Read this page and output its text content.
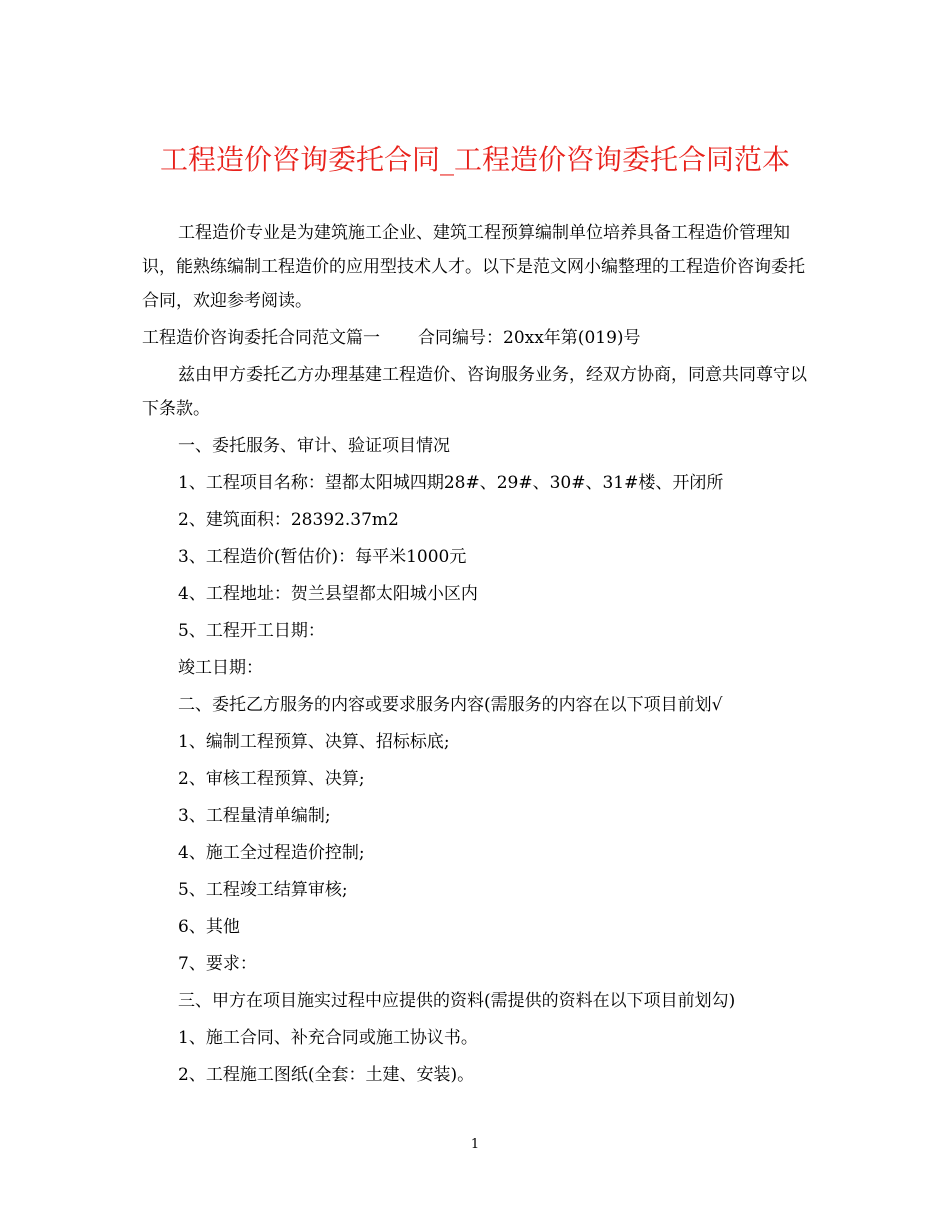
工程造价咨询委托合同_工程造价咨询委托合同范本
工程造价专业是为建筑施工企业、建筑工程预算编制单位培养具备工程造价管理知识，能熟练编制工程造价的应用型技术人才。以下是范文网小编整理的工程造价咨询委托合同，欢迎参考阅读。
工程造价咨询委托合同范文篇一 合同编号：20xx年第(019)号
兹由甲方委托乙方办理基建工程造价、咨询服务业务，经双方协商，同意共同尊守以下条款。
一、委托服务、审计、验证项目情况
1、工程项目名称：望都太阳城四期28#、29#、30#、31#楼、开闭所
2、建筑面积：28392.37m2
3、工程造价(暂估价)：每平米1000元
4、工程地址：贺兰县望都太阳城小区内
5、工程开工日期：
竣工日期：
二、委托乙方服务的内容或要求服务内容(需服务的内容在以下项目前划√
1、编制工程预算、决算、招标标底;
2、审核工程预算、决算;
3、工程量清单编制;
4、施工全过程造价控制;
5、工程竣工结算审核;
6、其他
7、要求：
三、甲方在项目施实过程中应提供的资料(需提供的资料在以下项目前划勾)
1、施工合同、补充合同或施工协议书。
2、工程施工图纸(全套：土建、安装)。
1
